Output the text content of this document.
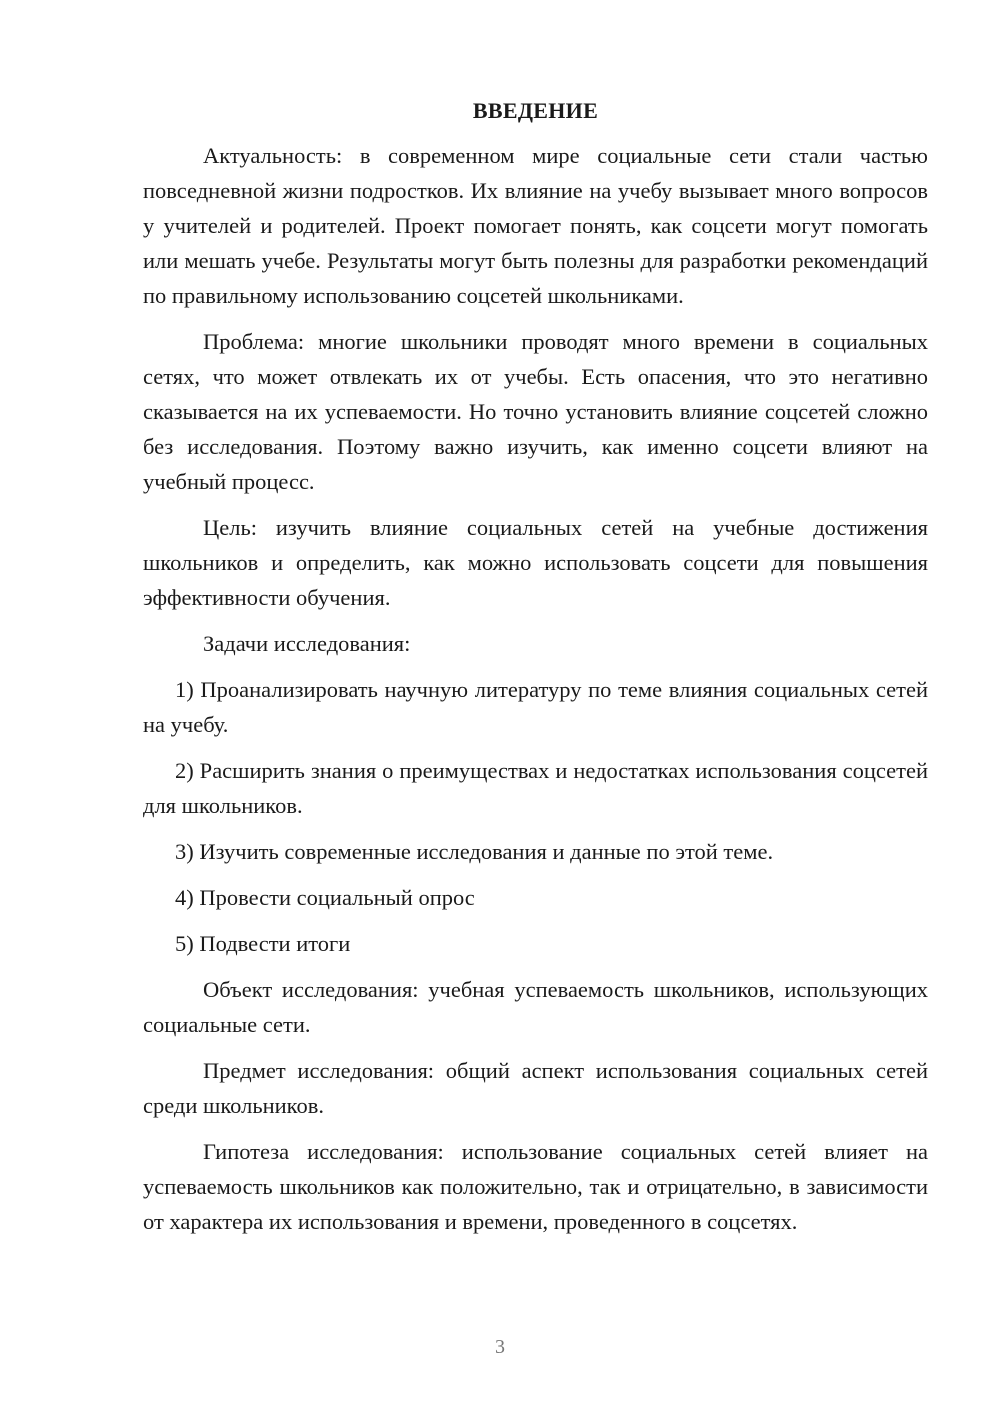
ВВЕДЕНИЕ

Актуальность: в современном мире социальные сети стали частью повседневной жизни подростков. Их влияние на учебу вызывает много вопросов у учителей и родителей. Проект помогает понять, как соцсети могут помогать или мешать учебе. Результаты могут быть полезны для разработки рекомендаций по правильному использованию соцсетей школьниками.

Проблема: многие школьники проводят много времени в социальных сетях, что может отвлекать их от учебы. Есть опасения, что это негативно сказывается на их успеваемости. Но точно установить влияние соцсетей сложно без исследования. Поэтому важно изучить, как именно соцсети влияют на учебный процесс.

Цель: изучить влияние социальных сетей на учебные достижения школьников и определить, как можно использовать соцсети для повышения эффективности обучения.

Задачи исследования:

1) Проанализировать научную литературу по теме влияния социальных сетей на учебу.

2) Расширить знания о преимуществах и недостатках использования соцсетей для школьников.

3) Изучить современные исследования и данные по этой теме.

4) Провести социальный опрос

5) Подвести итоги

Объект исследования: учебная успеваемость школьников, использующих социальные сети.

Предмет исследования: общий аспект использования социальных сетей среди школьников.

Гипотеза исследования: использование социальных сетей влияет на успеваемость школьников как положительно, так и отрицательно, в зависимости от характера их использования и времени, проведенного в соцсетях.

3
